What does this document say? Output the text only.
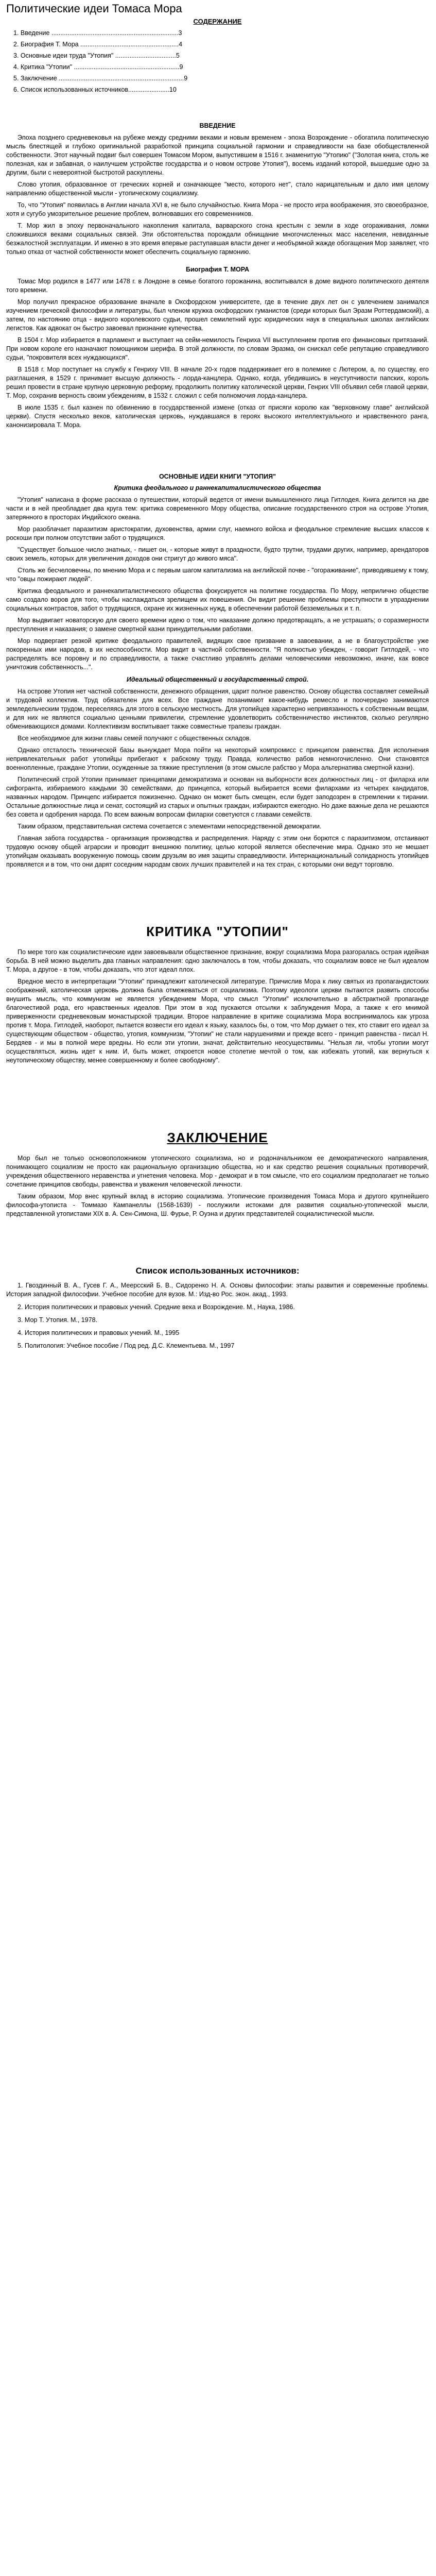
Политические идеи Томаса Мора
СОДЕРЖАНИЕ
1. Введение .......................................................................3
2. Биография Т. Мора .......................................................4
3. Основные идеи труда "Утопия" ..................................5
4. Критика "Утопии" ...........................................................9
5. Заключение ......................................................................9
6. Список использованных источников.......................10
ВВЕДЕНИЕ

Эпоха позднего средневековья на рубеже между средними веками и новым временем - эпоха Возрождение - обогатила политическую мысль блестящей и глубоко оригинальной разработкой принципа социальной гармонии и справедливости на базе обобществленной собственности. Этот научный подвиг был совершен Томасом Мором, выпустившем в 1516 г. знаменитую "Утопию" ("Золотая книга, столь же полезная, как и забавная, о наилучшем устройстве государства и о новом острове Утопия"), восемь изданий которой, вышедшие одно за другим, были с невероятной быстротой раскуплены.

Слово утопия, образованное от греческих корней и означающее "место, которого нет", стало нарицательным и дало имя целому направлению общественной мысли - утопическому социализму.

То, что "Утопия" появилась в Англии начала XVI в, не было случайностью. Книга Мора - не просто игра воображения, это своеобразное, хотя и сугубо умозрительное решение проблем, волновавших его современников.

Т. Мор жил в эпоху первоначального накопления капитала, варварского сгона крестьян с земли в ходе огораживания, ломки сложившихся веками социальных связей. Эти обстоятельства порождали обнищание многочисленных масс населения, невиданные безжалостной эксплуатации. И именно в это время впервые раступавшая власти денег и необърмной жажде обогащения Мор заявляет, что только отказ от частной собственности может обеспечить социальную гармонию.

Биография Т. МОРА

Томас Мор родился в 1477 или 1478 г. в Лондоне в семье богатого горожанина, воспитывался в доме видного политического деятеля того времени.

Мор получил прекрасное образование вначале в Оксфордском университете, где в течение двух лет он с увлечением занимался изучением греческой философии и литературы, был членом кружка оксфордских гуманистов (среди которых был Эразм Роттердамский), а затем, по настоянию отца - видного королевского судьи, прошел семилетний курс юридических наук в специальных школах английских легистов. Как адвокат он быстро завоевал признание купечества.

В 1504 г. Мор избирается в парламент и выступает на сейм-немилость Генриха VII выступлением против его финансовых притязаний. При новом короле его назначают помощником шерифа. В этой должности, по словам Эразма, он снискал себе репутацию справедливого судьи, "покровителя всех нуждающихся".

В 1518 г. Мор поступает на службу к Генриху VIII. В начале 20-х годов поддерживает его в полемике с Лютером, а, по существу, его разглашения, в 1529 г. принимает высшую должность - лорда-канцлера. Однако, когда, убедившись в неуступчивости папских, король решил провести в стране крупную церковную реформу, продолжить политику католической церкви, Генрих VIII объявил себя главой церкви, Т. Мор, сохранив верность своим убеждениям, в 1532 г. сложил с себя полномочия лорда-канцлера.

В июле 1535 г. был казнен по обвинению в государственной измене (отказ от присяги королю как "верховному главе" английской церкви). Спустя несколько веков, католическая церковь, нуждавшаяся в героях высокого интеллектуального и нравственного ранга, канонизировала Т. Мора.

ОСНОВНЫЕ ИДЕИ КНИГИ "УТОПИЯ"
Критика феодального и раннекапиталистического общества

"Утопия" написана в форме рассказа о путешествии, который ведется от имени вымышленного лица Гитлодея. Книга делится на две части и в ней преобладает два круга тем: критика современного Мору общества, описание государственного строя на острове Утопия, затерянного в просторах Индийского океана.

Мор разоблачает паразитизм аристократии, духовенства, армии слуг, наемного войска и феодальное стремление высших классов к роскоши при полном отсутствии забот о трудящихся.

"Существует большое число знатных, - пишет он, - которые живут в праздности, будто трутни, трудами других, например, арендаторов своих земель, которых для увеличения доходов они стригут до живого мяса".

Столь же бесчеловечны, по мнению Мора и с первым шагом капитализма на английской почве - "огораживание", приводившему к тому, что "овцы пожирают людей".

Критика феодального и раннекапиталистического общества фокусируется на политике государства. По Мору, неприлично обществе само создало воров для того, чтобы наслаждаться зрелищем их повешения. Он видит решение проблемы преступности в упразднении социальных контрастов, забот о трудящихся, охране их жизненных нужд, в обеспечении работой безземельных и т. п.

Мор выдвигает новаторскую для своего времени идею о том, что наказание должно предотвращать, а не устрашать; о соразмерности преступления и наказания; о замене смертной казни принудительными работами.

Мор подвергает резкой критике феодального правителей, видящих свое призвание в завоевании, а не в благоустройстве уже покоренных ими народов, в их неспособности. Мор видит в частной собственности. "Я полностью убежден, - говорит Гитлодей, - что распределять все поровну и по справедливости, а также счастливо управлять делами человеческими невозможно, иначе, как вовсе уничтожив собственность...".

Идеальный общественный и государственный строй.

На острове Утопия нет частной собственности, денежного обращения, царит полное равенство. Основу общества составляет семейный и трудовой коллектив. Труд обязателен для всех. Все граждане позанимают какое-нибудь ремесло и поочередно занимаются земледельческим трудом, переселяясь для этого в сельскую местность. Для утопийцев характерно непривязанность к собственным вещам, и для них не являются социально ценными привилегии, стремление удовлетворить собственничество инстинктов, сколько регулярно обменивающихся домами. Коллективизм воспитывает также совместные трапезы граждан.

Все необходимое для жизни главы семей получают с общественных складов.

Однако отсталость технической базы вынуждает Мора пойти на некоторый компромисс с принципом равенства. Для исполнения непривлекательных работ утопийцы прибегают к рабскому труду. Правда, количество рабов немногочисленно. Они становятся военнопленные, граждане Утопии, осужденные за тяжкие преступления (в этом смысле рабство у Мора альтернатива смертной казни).

Политический строй Утопии принимает принципами демократизма и основан на выборности всех должностных лиц - от филарха или сифогранта, избираемого каждыми 30 семействами, до принцепса, который выбирается всеми филархами из четырех кандидатов, названных народом. Принцепс избирается пожизненно. Однако он может быть смещен, если будет заподозрен в стремлении к тирании. Остальные должностные лица и сенат, состоящий из старых и опытных граждан, избираются ежегодно. Но даже важные дела не решаются без совета и одобрения народа. По всем важным вопросам филархи советуются с главами семейств.

Таким образом, представительная система сочетается с элементами непосредственной демократии.

Главная забота государства - организация производства и распределения. Наряду с этим они борются с паразитизмом, отстаивают трудовую основу общей аграрсии и проводит внешнюю политику, целью которой является обеспечение мира. Однако это не мешает утопийцам оказывать вооруженную помощь своим друзьям во имя защиты справедливости. Интернациональный солидарность утопийцев проявляется и в том, что они дарят соседним народам своих лучших правителей и на тех стран, с которыми они ведут торговлю.

КРИТИКА "УТОПИИ"

По мере того как социалистические идеи завоевывали общественное признание, вокруг социализма Мора разгоралась острая идейная борьба. В ней можно выделить два главных направления: одно заключалось в том, чтобы доказать, что социализм вовсе не был идеалом Т. Мора, а другое - в том, чтобы доказать, что этот идеал плох.

Вредное место в интерпретации "Утопии" принадлежит католической литературе. Причислив Мора к лику святых из пропагандистских соображений, католическая церковь должна была отмежеваться от социализма. Поэтому идеологи церкви пытаются развить способы внушить мысль, что коммунизм не является убеждением Мора, что смысл "Утопии" исключительно в абстрактной пропаганде благочестивой рода, его нравственных идеалов. При этом в ход пускаются отсылки к заблуждения Мора, а также к его мнимой приверженности средневековым монастырской традиции. Второе направление в критике социализма Мора воспринималось как угроза против т. Мора. Гитлодей, наоборот, пытается возвести его идеал к языку, казалось бы, о том, что Мор думает о тех, кто ставит его идеал за существующим обществом - общество, утопия, коммунизм, "Утопии" не стали нарушениями и прежде всего - принцип равенства - писал Н. Бердяев - и мы в полной мере вредны. Но если эти утопии, значат, действительно неосуществимы. "Нельзя ли, чтобы утопии могут осуществляться, жизнь идет к ним. И, быть может, откроется новое столетие мечтой о том, как избежать утопий, как вернуться к неутопическому обществу, менее совершенному и более свободному".

ЗАКЛЮЧЕНИЕ

Мор был не только основоположником утопического социализма, но и родоначальником ее демократического направления, понимающего социализм не просто как рациональную организацию общества, но и как средство решения социальных противоречий, учреждения общественного неравенства и угнетения человека. Мор - демократ и в том смысле, что его социализм предполагает не только сочетание принципов свободы, равенства и уважения человеческой личности.

Таким образом, Мор внес крупный вклад в историю социализма. Утопические произведения Томаса Мора и другого крупнейшего философа-утописта - Томмазо Кампанеллы (1568-1639) - послужили истоками для развития социально-утопической мысли, представленной утопистами XIX в. А. Сен-Симона, Ш. Фурье, Р. Оуэна и других представителей социалистической мысли.

Список использованных источников:
1. Гвоздинный В. А., Гусев Г. А., Меерсский Б. В., Сидоренко Н. А. Основы философии: этапы развития и современные проблемы. История западной философии. Учебное пособие для вузов. М.: Изд-во Рос. экон. акад., 1993.
2. История политических и правовых учений. Средние века и Возрождение. М., Наука, 1986.
3. Мор Т. Утопия. М., 1978.
4. История политических и правовых учений. М., 1995
5. Политология: Учебное пособие / Под ред. Д.С. Клементьева. М., 1997
